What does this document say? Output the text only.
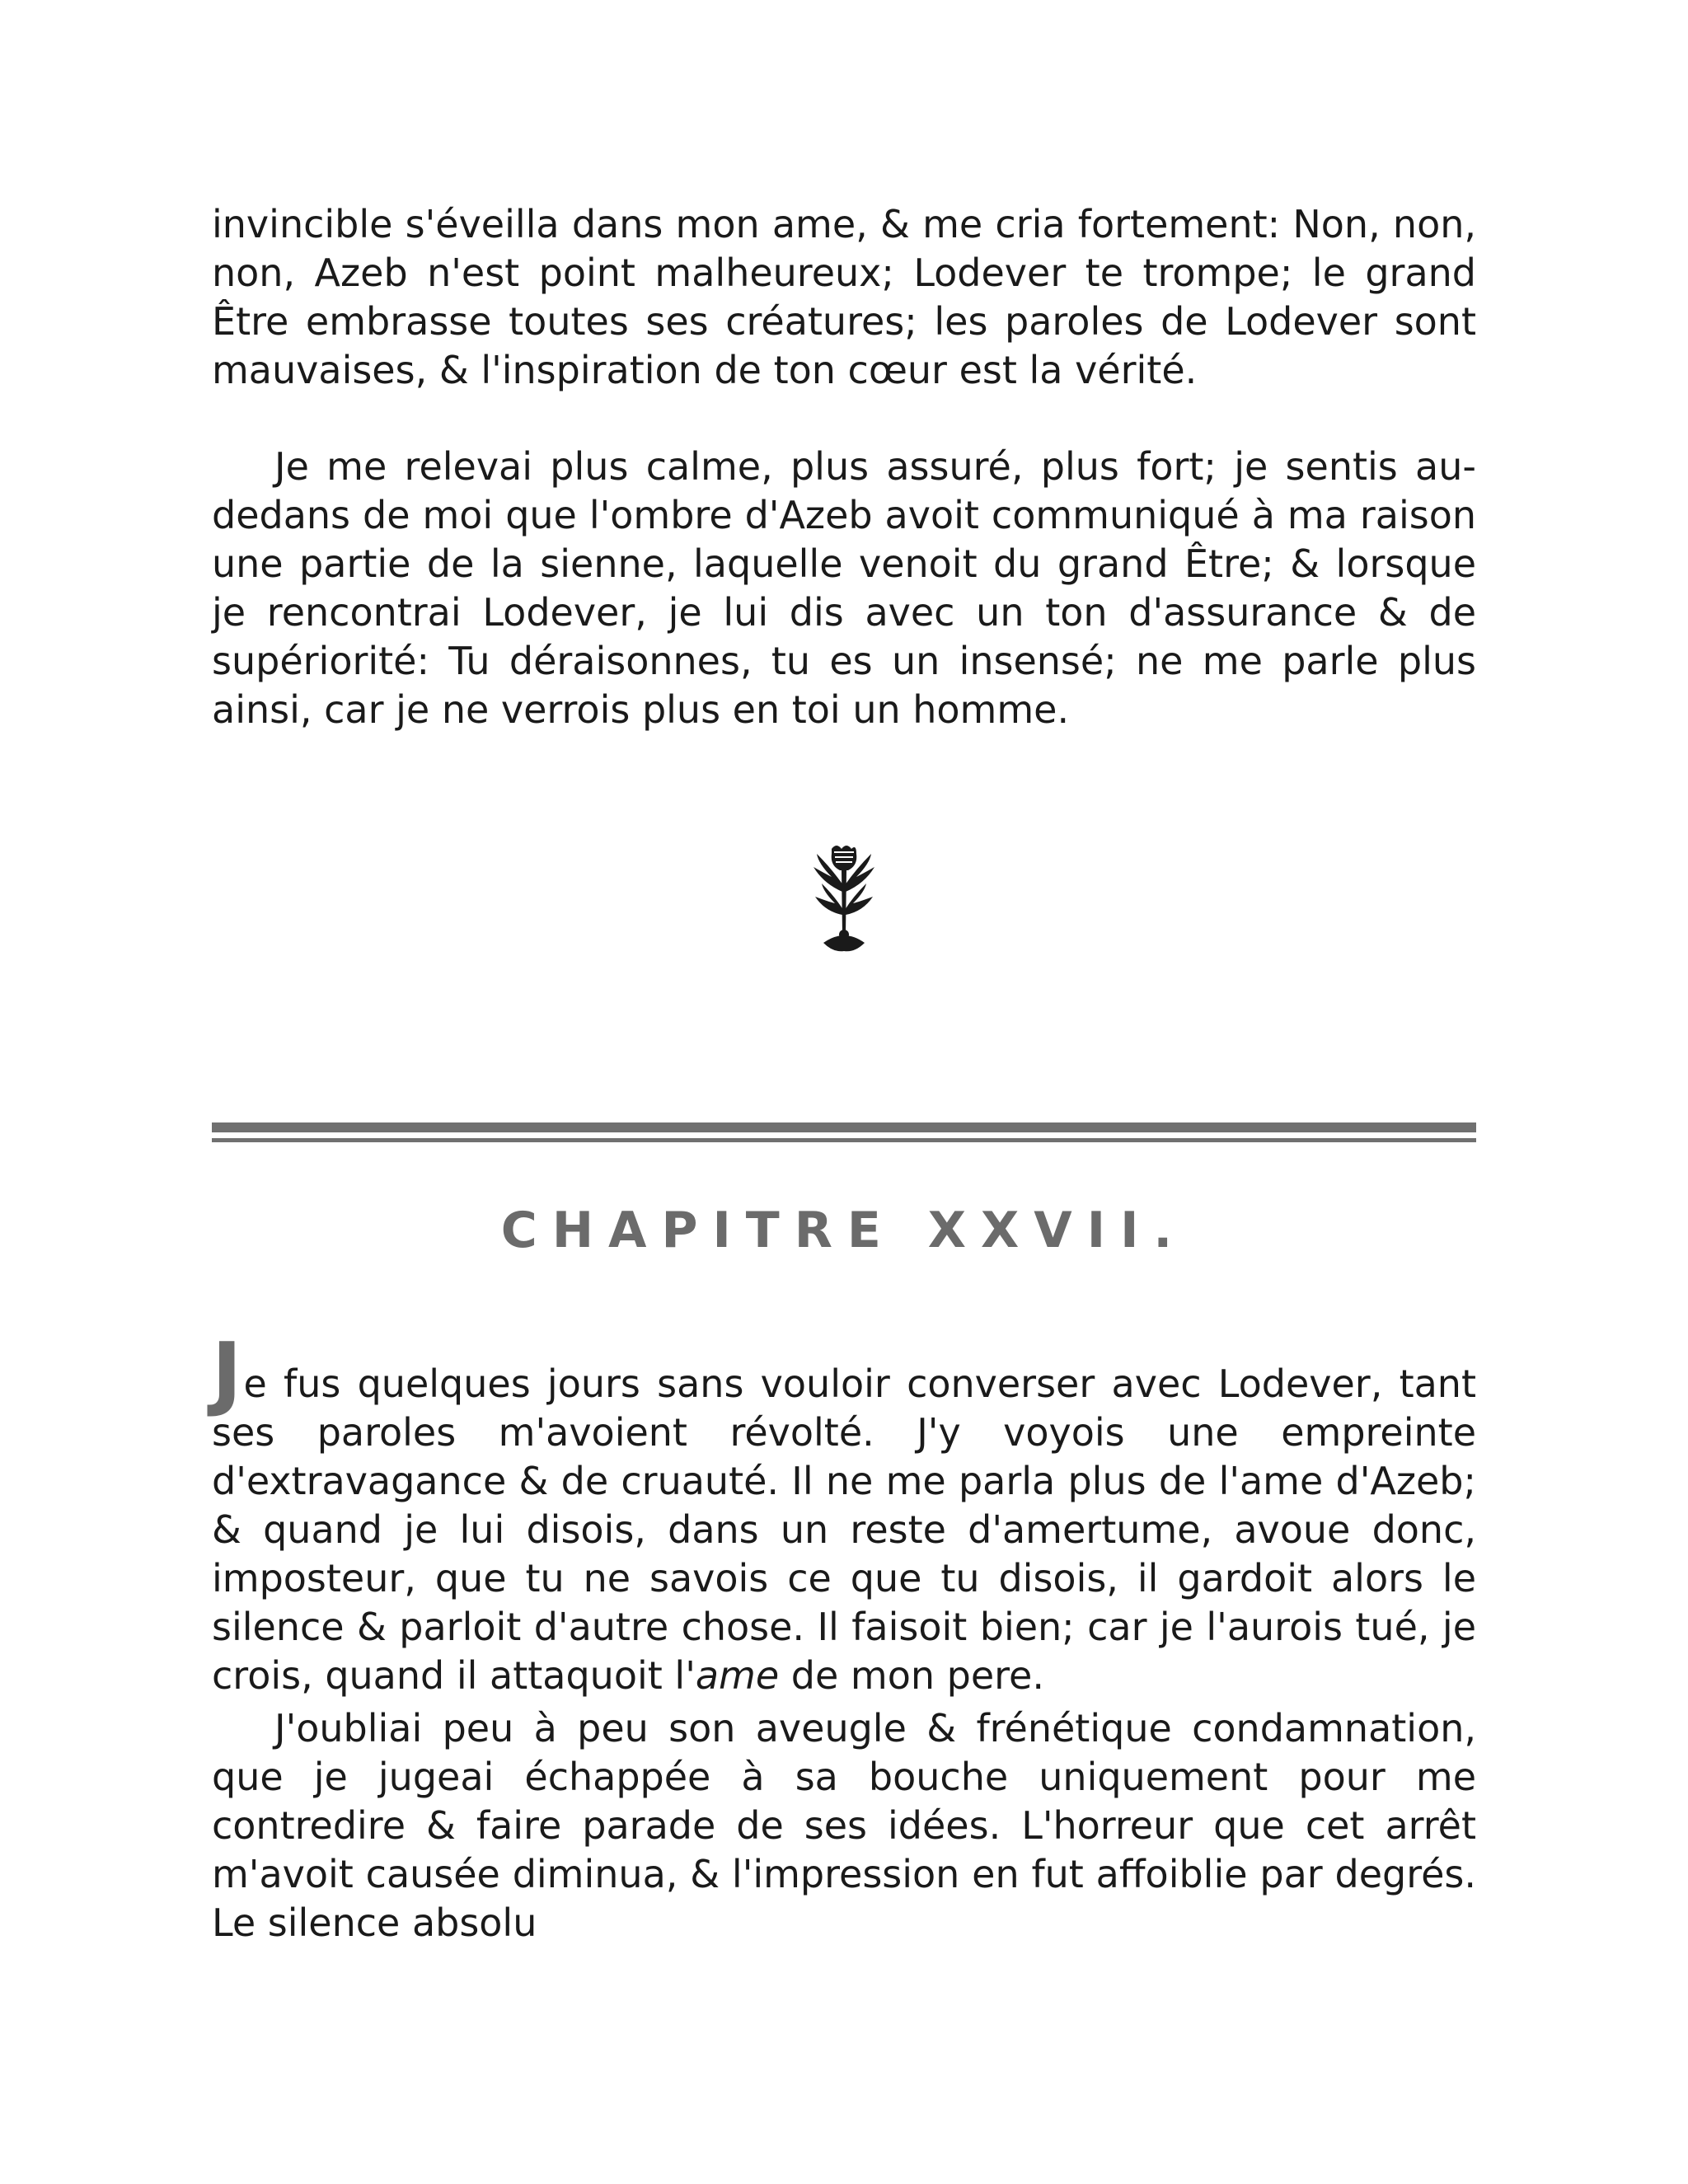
invincible s'éveilla dans mon ame, & me cria fortement: Non, non, non, Azeb n'est point malheureux; Lodever te trompe; le grand Être embrasse toutes ses créatures; les paroles de Lodever sont mauvaises, & l'inspiration de ton cœur est la vérité.

Je me relevai plus calme, plus assuré, plus fort; je sentis au-dedans de moi que l'ombre d'Azeb avoit communiqué à ma raison une partie de la sienne, laquelle venoit du grand Être; & lorsque je rencontrai Lodever, je lui dis avec un ton d'assurance & de supériorité: Tu déraisonnes, tu es un insensé; ne me parle plus ainsi, car je ne verrois plus en toi un homme.

CHAPITRE XXVII.

Je fus quelques jours sans vouloir converser avec Lodever, tant ses paroles m'avoient révolté. J'y voyois une empreinte d'extravagance & de cruauté. Il ne me parla plus de l'ame d'Azeb; & quand je lui disois, dans un reste d'amertume, avoue donc, imposteur, que tu ne savois ce que tu disois, il gardoit alors le silence & parloit d'autre chose. Il faisoit bien; car je l'aurois tué, je crois, quand il attaquoit l'ame de mon pere.

J'oubliai peu à peu son aveugle & frénétique condamnation, que je jugeai échappée à sa bouche uniquement pour me contredire & faire parade de ses idées. L'horreur que cet arrêt m'avoit causée diminua, & l'impression en fut affoiblie par degrés. Le silence absolu
